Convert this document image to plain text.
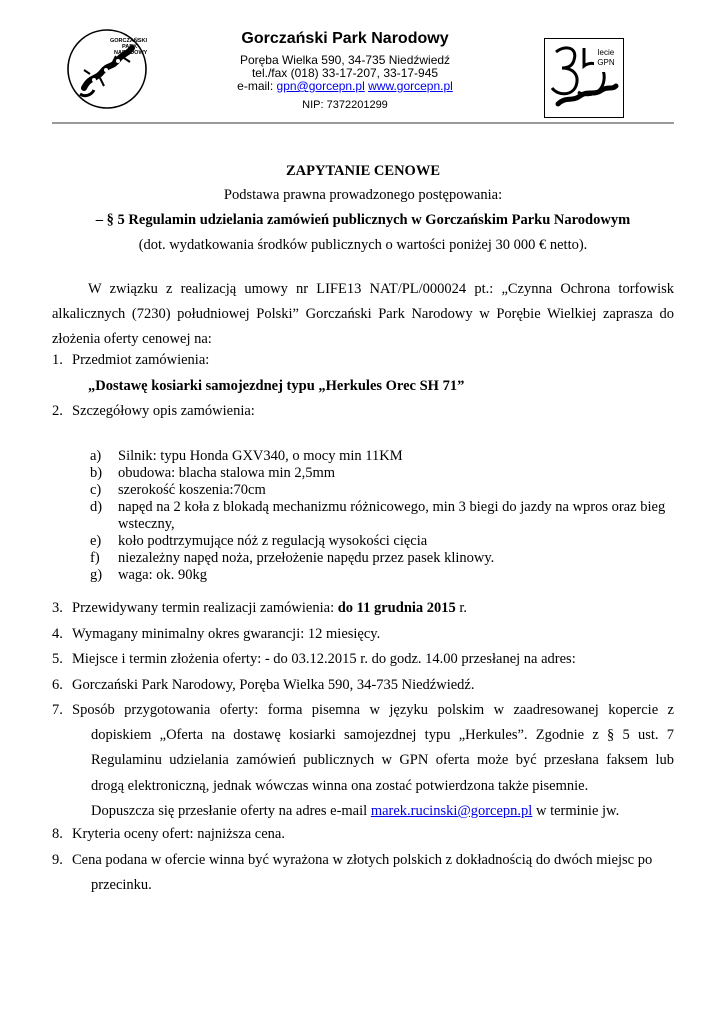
GORCZAŃSKI
PARK
NARODOWY
Gorczański Park Narodowy
Poręba Wielka 590, 34-735 Niedźwiedź
tel./fax (018) 33-17-207, 33-17-945
e-mail: gpn@gorcepn.pl www.gorcepn.pl
NIP: 7372201299
lecie
GPN
ZAPYTANIE CENOWE
Podstawa prawna prowadzonego postępowania:
– § 5 Regulamin udzielania zamówień publicznych w Gorczańskim Parku Narodowym
(dot. wydatkowania środków publicznych o wartości poniżej 30 000 € netto).
W związku z realizacją umowy nr LIFE13 NAT/PL/000024 pt.: „Czynna Ochrona torfowisk alkalicznych (7230) południowej Polski” Gorczański Park Narodowy w Porębie Wielkiej zaprasza do złożenia oferty cenowej na:
1. Przedmiot zamówienia:
„Dostawę kosiarki samojezdnej typu „Herkules Orec SH 71”
2. Szczegółowy opis zamówienia:
a) Silnik: typu Honda GXV340, o mocy min 11KM
b) obudowa: blacha stalowa min 2,5mm
c) szerokość koszenia:70cm
d) napęd na 2 koła z blokadą mechanizmu różnicowego, min 3 biegi do jazdy na wpros oraz bieg
wsteczny,
e) koło podtrzymujące nóż z regulacją wysokości cięcia
f) niezależny napęd noża, przełożenie napędu przez pasek klinowy.
g) waga: ok. 90kg
3. Przewidywany termin realizacji zamówienia: do 11 grudnia 2015 r.
4. Wymagany minimalny okres gwarancji: 12 miesięcy.
5. Miejsce i termin złożenia oferty: - do 03.12.2015 r. do godz. 14.00 przesłanej na adres:
6. Gorczański Park Narodowy, Poręba Wielka 590, 34-735 Niedźwiedź.
7. Sposób przygotowania oferty: forma pisemna w języku polskim w zaadresowanej kopercie z
dopiskiem „Oferta na dostawę kosiarki samojezdnej typu „Herkules”. Zgodnie z § 5 ust. 7
Regulaminu udzielania zamówień publicznych w GPN oferta może być przesłana faksem lub
drogą elektroniczną, jednak wówczas winna ona zostać potwierdzona także pisemnie.
Dopuszcza się przesłanie oferty na adres e-mail marek.rucinski@gorcepn.pl w terminie jw.
8. Kryteria oceny ofert: najniższa cena.
9. Cena podana w ofercie winna być wyrażona w złotych polskich z dokładnością do dwóch miejsc po
przecinku.
